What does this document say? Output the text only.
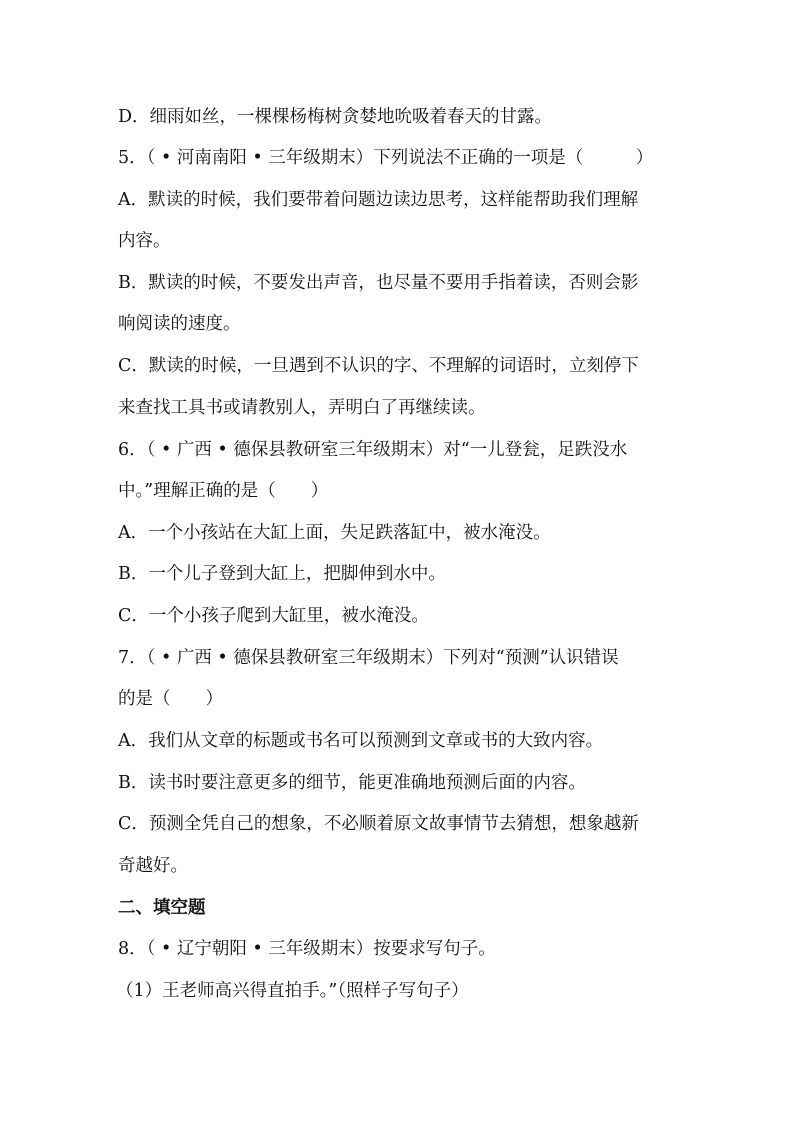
D．细雨如丝，一棵棵杨梅树贪婪地吮吸着春天的甘露。
5．（ • 河南南阳 • 三年级期末）下列说法不正确的一项是（　　　）
A．默读的时候，我们要带着问题边读边思考，这样能帮助我们理解
内容。
B．默读的时候，不要发出声音，也尽量不要用手指着读，否则会影
响阅读的速度。
C．默读的时候，一旦遇到不认识的字、不理解的词语时，立刻停下
来查找工具书或请教别人，弄明白了再继续读。
6．（ • 广西 • 德保县教研室三年级期末）对“一儿登瓮，足跌没水
中。”理解正确的是（　　）
A．一个小孩站在大缸上面，失足跌落缸中，被水淹没。
B．一个儿子登到大缸上，把脚伸到水中。
C．一个小孩子爬到大缸里，被水淹没。
7．（ • 广西 • 德保县教研室三年级期末）下列对“预测”认识错误
的是（　　）
A．我们从文章的标题或书名可以预测到文章或书的大致内容。
B．读书时要注意更多的细节，能更准确地预测后面的内容。
C．预测全凭自己的想象，不必顺着原文故事情节去猜想，想象越新
奇越好。
二、填空题
8．（ • 辽宁朝阳 • 三年级期末）按要求写句子。
（1）王老师高兴得直拍手。”（照样子写句子）
